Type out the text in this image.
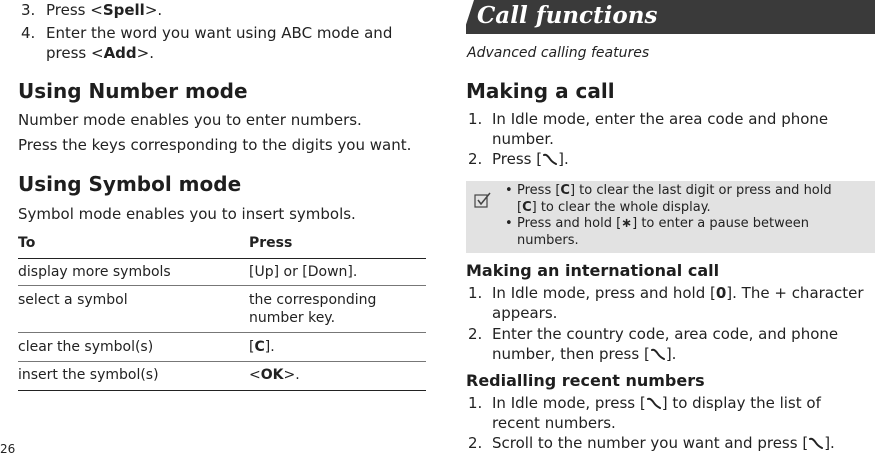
3. Press <Spell>.
4. Enter the word you want using ABC mode and
press <Add>.
Using Number mode
Number mode enables you to enter numbers.
Press the keys corresponding to the digits you want.
Using Symbol mode
Symbol mode enables you to insert symbols.
To	Press
display more symbols	[Up] or [Down].
select a symbol	the corresponding
number key.
clear the symbol(s)	[C].
insert the symbol(s)	<OK>.
26
Call functions
Advanced calling features
Making a call
1. In Idle mode, enter the area code and phone
number.
2. Press [ ].
• Press [C] to clear the last digit or press and hold
[C] to clear the whole display.
• Press and hold [∗] to enter a pause between
numbers.
Making an international call
1. In Idle mode, press and hold [0]. The + character
appears.
2. Enter the country code, area code, and phone
number, then press [ ].
Redialling recent numbers
1. In Idle mode, press [ ] to display the list of
recent numbers.
2. Scroll to the number you want and press [ ].
